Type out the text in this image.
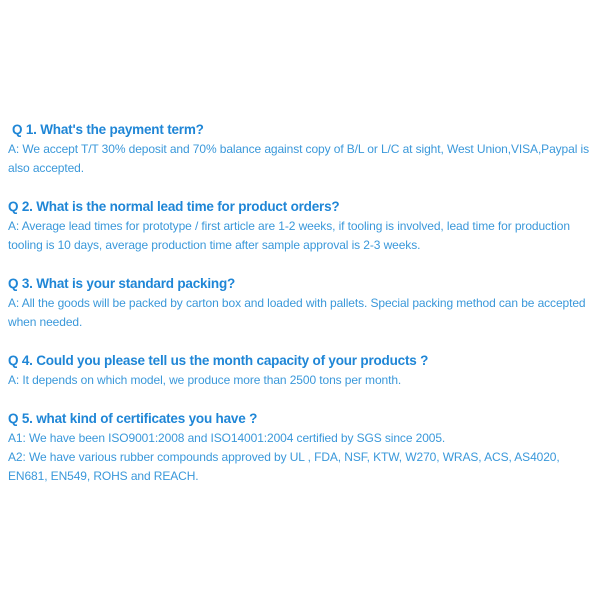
Q 1. What's the payment term?

A: We accept T/T 30% deposit and 70% balance against copy of B/L or L/C at sight, West Union,VISA,Paypal is also accepted.

Q 2. What is the normal lead time for product orders?

A: Average lead times for prototype / first article are 1-2 weeks, if tooling is involved, lead time for production tooling is 10 days, average production time after sample approval is 2-3 weeks.

Q 3. What is your standard packing?

A: All the goods will be packed by carton box and loaded with pallets. Special packing method can be accepted when needed.

Q 4. Could you please tell us the month capacity of your products ?

A: It depends on which model, we produce more than 2500 tons per month.

Q 5. what kind of certificates you have ?

A1: We have been ISO9001:2008 and ISO14001:2004 certified by SGS since 2005.

A2: We have various rubber compounds approved by UL , FDA, NSF, KTW, W270, WRAS, ACS, AS4020, EN681, EN549, ROHS and REACH.
